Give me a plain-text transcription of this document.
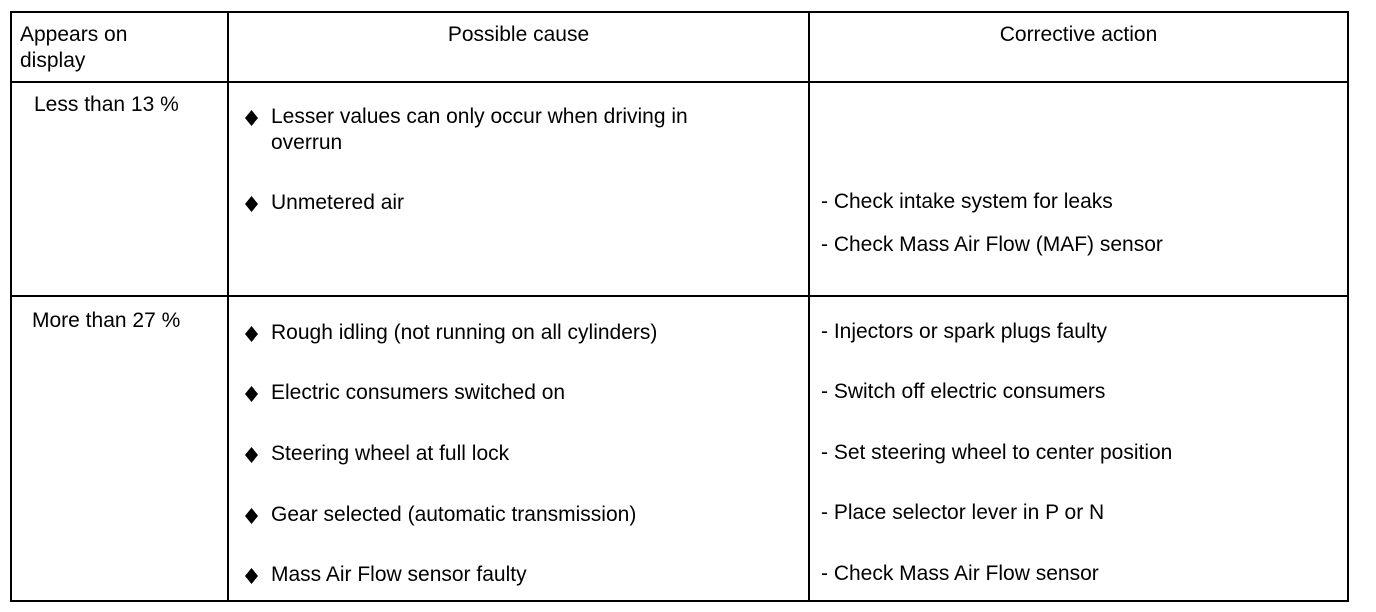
Appears on
display
Possible cause	Corrective action
Less than 13 %
Lesser values can only occur when driving in
overrun
Unmetered air	- Check intake system for leaks
- Check Mass Air Flow (MAF) sensor
More than 27 %
Rough idling (not running on all cylinders)
Electric consumers switched on
Steering wheel at full lock
Gear selected (automatic transmission)
Mass Air Flow sensor faulty
- Injectors or spark plugs faulty
- Switch off electric consumers
- Set steering wheel to center position
- Place selector lever in P or N
- Check Mass Air Flow sensor
